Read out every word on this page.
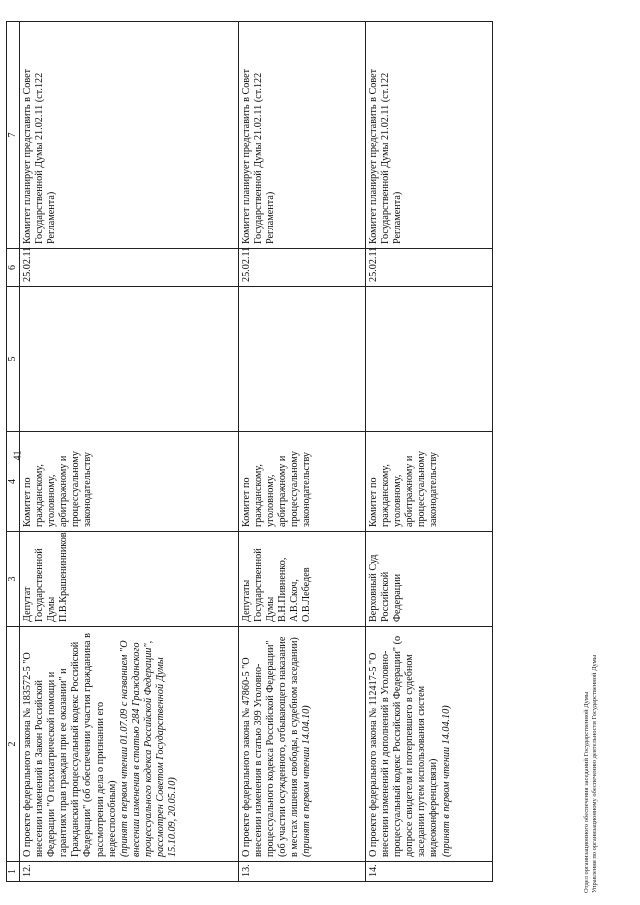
41
1	2	3	4	5	6	7
12.	О проекте федерального закона № 183572-5 "О внесении изменений в Закон Российской Федерации "О психиатрической помощи и гарантиях прав граждан при ее оказании" и Гражданский процессуальный кодекс Российской Федерации" (об обеспечении участия гражданина в рассмотрении дела о признании его недееспособным)
(принят в первом чтении 01.07.09 с названием "О внесении изменения в статью 284 Гражданского процессуального кодекса Российской Федерации", рассмотрен Советом Государственной Думы 15.10.09, 20.05.10)	Депутат Государственной Думы П.В.Крашенинников	Комитет по гражданскому, уголовному, арбитражному и процессуальному законодательству		25.02.11	Комитет планирует представить в Совет Государственной Думы 21.02.11 (ст.122 Регламента)
13.	О проекте федерального закона № 47860-5 "О внесении изменения в статью 399 Уголовно-процессуального кодекса Российской Федерации" (об участии осужденного, отбывающего наказание в местах лишения свободы, в судебном заседании)
(принят в первом чтении 14.04.10)	Депутаты Государственной Думы В.Н.Пивненко, А.В.Скоч, О.В.Лебедев	Комитет по гражданскому, уголовному, арбитражному и процессуальному законодательству		25.02.11	Комитет планирует представить в Совет Государственной Думы 21.02.11 (ст.122 Регламента)
14.	О проекте федерального закона № 112417-5 "О внесении изменений и дополнений в Уголовно-процессуальный кодекс Российской Федерации" (о допросе свидетеля и потерпевшего в судебном заседании путем использования систем видеоконференцсвязи)
(принят в первом чтении 14.04.10)	Верховный Суд Российской Федерации	Комитет по гражданскому, уголовному, арбитражному и процессуальному законодательству		25.02.11	Комитет планирует представить в Совет Государственной Думы 21.02.11 (ст.122 Регламента)
Отдел организационного обеспечения заседаний Государственной Думы Управления по организационному обеспечению деятельности Государственной Думы
